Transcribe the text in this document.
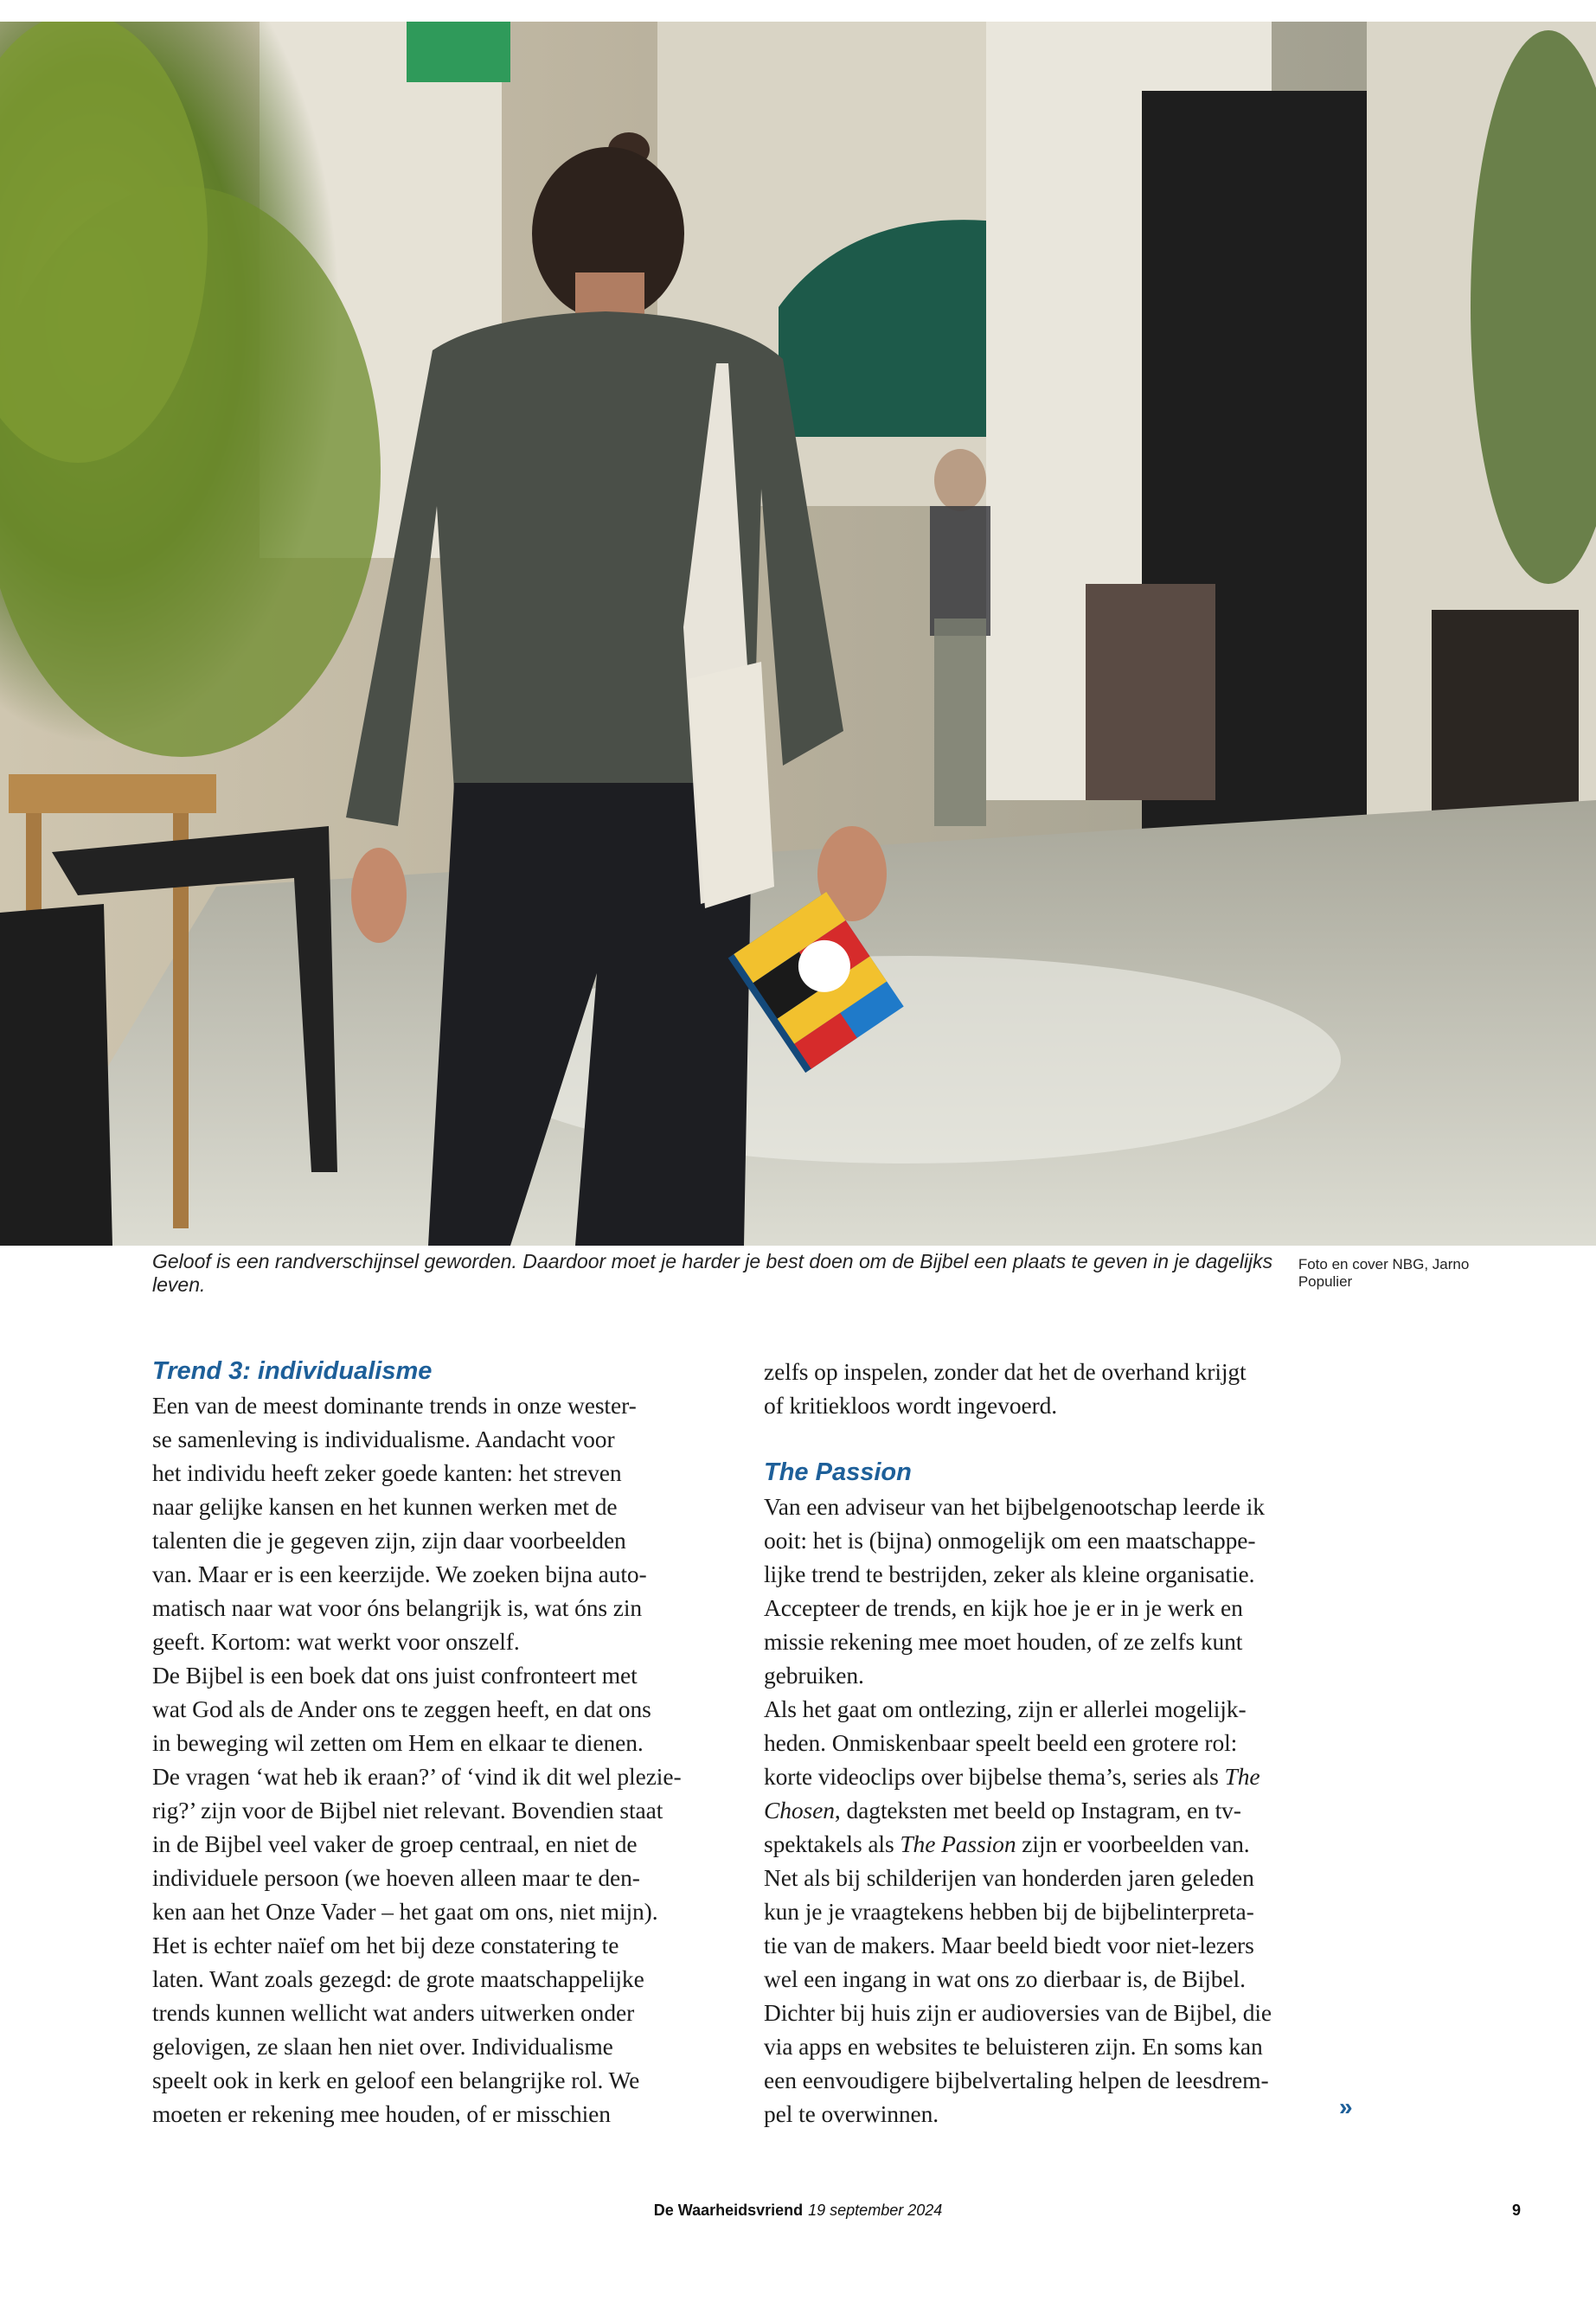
Geloof is een randverschijnsel geworden. Daardoor moet je harder je best doen om de Bijbel een plaats te geven in je dagelijks leven.
Foto en cover NBG, Jarno Populier
Trend 3: individualisme

Een van de meest dominante trends in onze wester-
se samenleving is individualisme. Aandacht voor
het individu heeft zeker goede kanten: het streven
naar gelijke kansen en het kunnen werken met de
talenten die je gegeven zijn, zijn daar voorbeelden
van. Maar er is een keerzijde. We zoeken bijna auto-
matisch naar wat voor óns belangrijk is, wat óns zin
geeft. Kortom: wat werkt voor onszelf.

De Bijbel is een boek dat ons juist confronteert met
wat God als de Ander ons te zeggen heeft, en dat ons
in beweging wil zetten om Hem en elkaar te dienen.
De vragen ‘wat heb ik eraan?’ of ‘vind ik dit wel plezie-
rig?’ zijn voor de Bijbel niet relevant. Bovendien staat
in de Bijbel veel vaker de groep centraal, en niet de
individuele persoon (we hoeven alleen maar te den-
ken aan het Onze Vader – het gaat om ons, niet mijn).
Het is echter naïef om het bij deze constatering te
laten. Want zoals gezegd: de grote maatschappelijke
trends kunnen wellicht wat anders uitwerken onder
gelovigen, ze slaan hen niet over. Individualisme
speelt ook in kerk en geloof een belangrijke rol. We
moeten er rekening mee houden, of er misschien

zelfs op inspelen, zonder dat het de overhand krijgt
of kritiekloos wordt ingevoerd.

The Passion

Van een adviseur van het bijbelgenootschap leerde ik
ooit: het is (bijna) onmogelijk om een maatschappe-
lijke trend te bestrijden, zeker als kleine organisatie.
Accepteer de trends, en kijk hoe je er in je werk en
missie rekening mee moet houden, of ze zelfs kunt
gebruiken.

Als het gaat om ontlezing, zijn er allerlei mogelijk-
heden. Onmiskenbaar speelt beeld een grotere rol:
korte videoclips over bijbelse thema’s, series als The
Chosen, dagteksten met beeld op Instagram, en tv-
spektakels als The Passion zijn er voorbeelden van.
Net als bij schilderijen van honderden jaren geleden
kun je je vraagtekens hebben bij de bijbelinterpreta-
tie van de makers. Maar beeld biedt voor niet-lezers
wel een ingang in wat ons zo dierbaar is, de Bijbel.
Dichter bij huis zijn er audioversies van de Bijbel, die
via apps en websites te beluisteren zijn. En soms kan
een eenvoudigere bijbelvertaling helpen de leesdrem-
pel te overwinnen.	»
De Waarheidsvriend 19 september 2024	9
